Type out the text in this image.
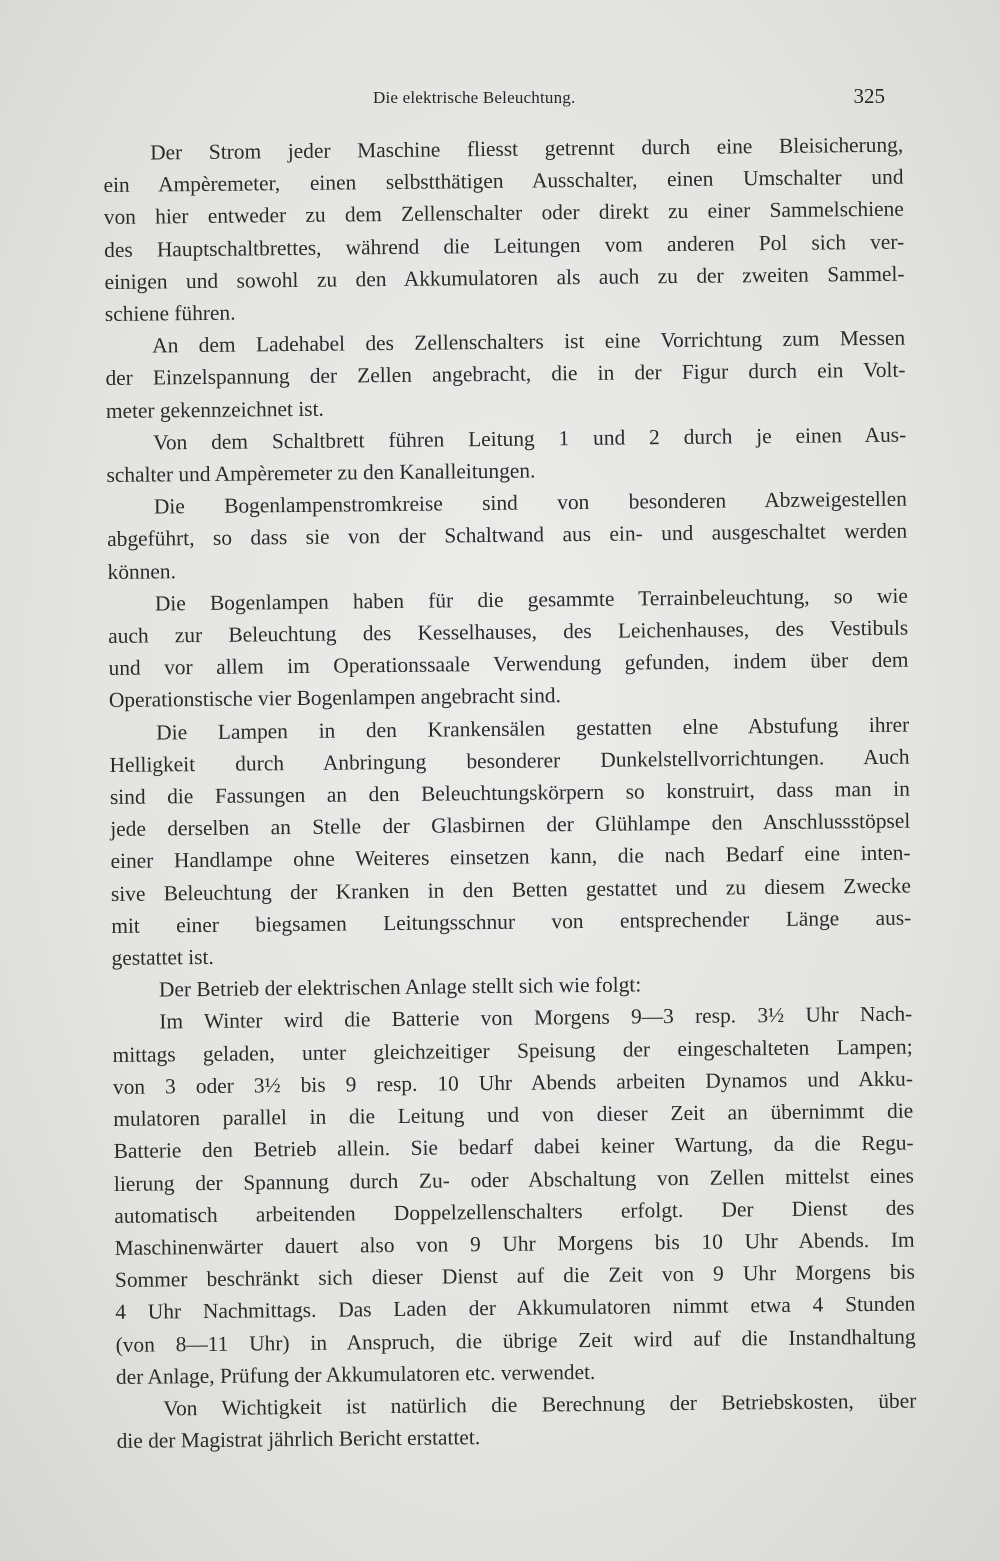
Die elektrische Beleuchtung.	325

Der Strom jeder Maschine fliesst getrennt durch eine Bleisicherung,
ein Ampèremeter, einen selbstthätigen Ausschalter, einen Umschalter und
von hier entweder zu dem Zellenschalter oder direkt zu einer Sammelschiene
des Hauptschaltbrettes, während die Leitungen vom anderen Pol sich ver-
einigen und sowohl zu den Akkumulatoren als auch zu der zweiten Sammel-
schiene führen.

An dem Ladehabel des Zellenschalters ist eine Vorrichtung zum Messen
der Einzelspannung der Zellen angebracht, die in der Figur durch ein Volt-
meter gekennzeichnet ist.

Von dem Schaltbrett führen Leitung 1 und 2 durch je einen Aus-
schalter und Ampèremeter zu den Kanalleitungen.

Die Bogenlampenstromkreise sind von besonderen Abzweigestellen
abgeführt, so dass sie von der Schaltwand aus ein- und ausgeschaltet werden
können.

Die Bogenlampen haben für die gesammte Terrainbeleuchtung, so wie
auch zur Beleuchtung des Kesselhauses, des Leichenhauses, des Vestibuls
und vor allem im Operationssaale Verwendung gefunden, indem über dem
Operationstische vier Bogenlampen angebracht sind.

Die Lampen in den Krankensälen gestatten elne Abstufung ihrer
Helligkeit durch Anbringung besonderer Dunkelstellvorrichtungen. Auch
sind die Fassungen an den Beleuchtungskörpern so konstruirt, dass man in
jede derselben an Stelle der Glasbirnen der Glühlampe den Anschlussstöpsel
einer Handlampe ohne Weiteres einsetzen kann, die nach Bedarf eine inten-
sive Beleuchtung der Kranken in den Betten gestattet und zu diesem Zwecke
mit einer biegsamen Leitungsschnur von entsprechender Länge aus-
gestattet ist.

Der Betrieb der elektrischen Anlage stellt sich wie folgt:

Im Winter wird die Batterie von Morgens 9—3 resp. 3½ Uhr Nach-
mittags geladen, unter gleichzeitiger Speisung der eingeschalteten Lampen;
von 3 oder 3½ bis 9 resp. 10 Uhr Abends arbeiten Dynamos und Akku-
mulatoren parallel in die Leitung und von dieser Zeit an übernimmt die
Batterie den Betrieb allein. Sie bedarf dabei keiner Wartung, da die Regu-
lierung der Spannung durch Zu- oder Abschaltung von Zellen mittelst eines
automatisch arbeitenden Doppelzellenschalters erfolgt. Der Dienst des
Maschinenwärter dauert also von 9 Uhr Morgens bis 10 Uhr Abends. Im
Sommer beschränkt sich dieser Dienst auf die Zeit von 9 Uhr Morgens bis
4 Uhr Nachmittags. Das Laden der Akkumulatoren nimmt etwa 4 Stunden
(von 8—11 Uhr) in Anspruch, die übrige Zeit wird auf die Instandhaltung
der Anlage, Prüfung der Akkumulatoren etc. verwendet.

Von Wichtigkeit ist natürlich die Berechnung der Betriebskosten, über
die der Magistrat jährlich Bericht erstattet.
